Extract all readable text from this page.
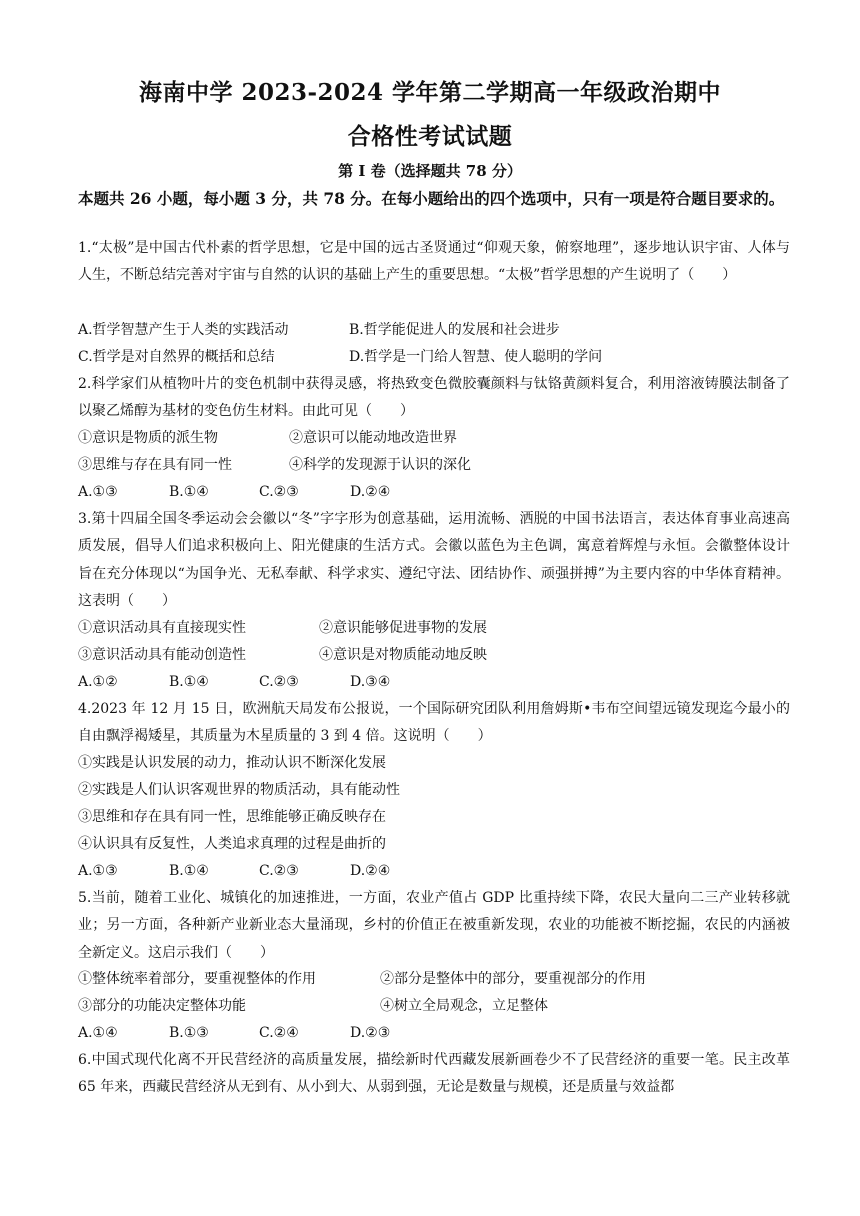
海南中学 2023-2024 学年第二学期高一年级政治期中
合格性考试试题
第 I 卷（选择题共 78 分）
本题共 26 小题，每小题 3 分，共 78 分。在每小题给出的四个选项中，只有一项是符合题目要求的。
1.“太极”是中国古代朴素的哲学思想，它是中国的远古圣贤通过“仰观天象，俯察地理”，逐步地认识宇宙、人体与人生，不断总结完善对宇宙与自然的认识的基础上产生的重要思想。“太极”哲学思想的产生说明了（　　）
A.哲学智慧产生于人类的实践活动	B.哲学能促进人的发展和社会进步
C.哲学是对自然界的概括和总结	D.哲学是一门给人智慧、使人聪明的学问
2.科学家们从植物叶片的变色机制中获得灵感，将热致变色微胶囊颜料与钛铬黄颜料复合，利用溶液铸膜法制备了以聚乙烯醇为基材的变色仿生材料。由此可见（　　）
①意识是物质的派生物	②意识可以能动地改造世界
③思维与存在具有同一性	④科学的发现源于认识的深化
A.①③	B.①④	C.②③	D.②④
3.第十四届全国冬季运动会会徽以“冬”字字形为创意基础，运用流畅、洒脱的中国书法语言，表达体育事业高速高质发展，倡导人们追求积极向上、阳光健康的生活方式。会徽以蓝色为主色调，寓意着辉煌与永恒。会徽整体设计旨在充分体现以“为国争光、无私奉献、科学求实、遵纪守法、团结协作、顽强拼搏”为主要内容的中华体育精神。这表明（　　）
①意识活动具有直接现实性	②意识能够促进事物的发展
③意识活动具有能动创造性	④意识是对物质能动地反映
A.①②	B.①④	C.②③	D.③④
4.2023 年 12 月 15 日，欧洲航天局发布公报说，一个国际研究团队利用詹姆斯•韦布空间望远镜发现迄今最小的自由飘浮褐矮星，其质量为木星质量的 3 到 4 倍。这说明（　　）
①实践是认识发展的动力，推动认识不断深化发展
②实践是人们认识客观世界的物质活动，具有能动性
③思维和存在具有同一性，思维能够正确反映存在
④认识具有反复性，人类追求真理的过程是曲折的
A.①③	B.①④	C.②③	D.②④
5.当前，随着工业化、城镇化的加速推进，一方面，农业产值占 GDP 比重持续下降，农民大量向二三产业转移就业；另一方面，各种新产业新业态大量涌现，乡村的价值正在被重新发现，农业的功能被不断挖掘，农民的内涵被全新定义。这启示我们（　　）
①整体统率着部分，要重视整体的作用	②部分是整体中的部分，要重视部分的作用
③部分的功能决定整体功能	④树立全局观念，立足整体
A.①④	B.①③	C.②④	D.②③
6.中国式现代化离不开民营经济的高质量发展，描绘新时代西藏发展新画卷少不了民营经济的重要一笔。民主改革 65 年来，西藏民营经济从无到有、从小到大、从弱到强，无论是数量与规模，还是质量与效益都
